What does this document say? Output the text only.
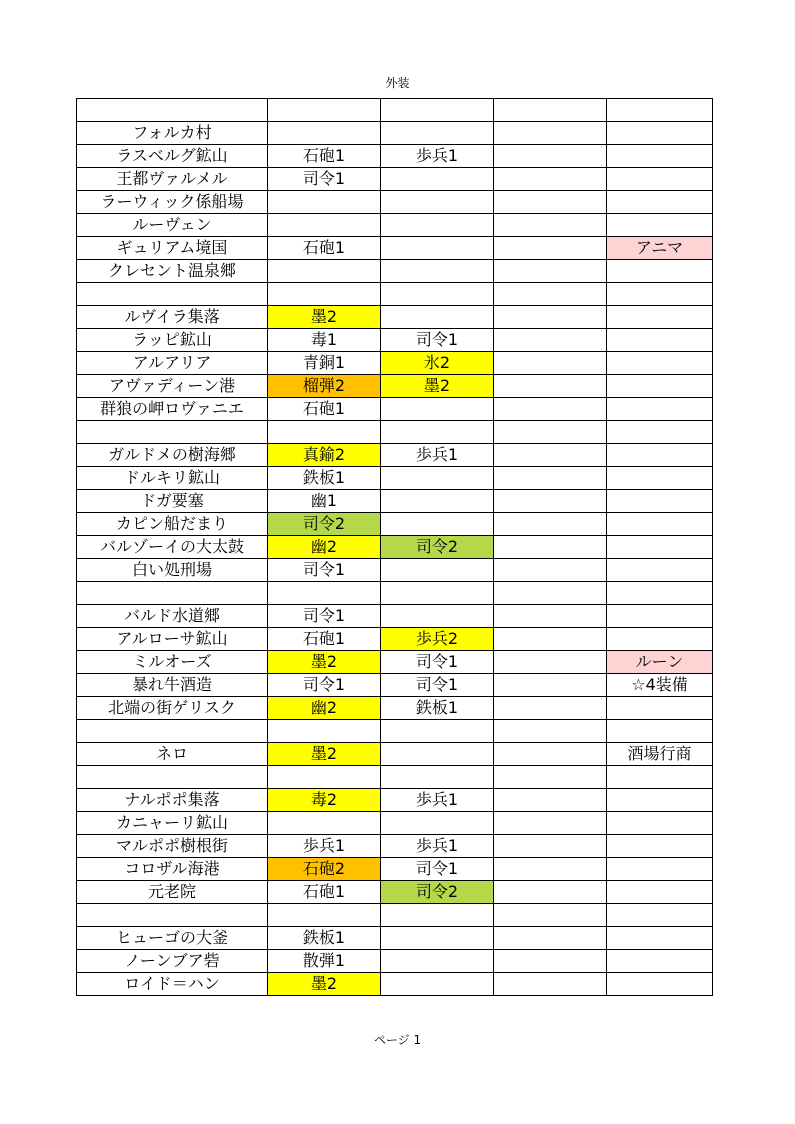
外装

フォルカ村				
ラスベルグ鉱山	石砲1	歩兵1		
王都ヴァルメル	司令1			
ラーウィック係船場				
ルーヴェン				
ギュリアム境国	石砲1			アニマ
クレセント温泉郷				

ルヴイラ集落	墨2			
ラッピ鉱山	毒1	司令1		
アルアリア	青銅1	氷2		
アヴァディーン港	榴弾2	墨2		
群狼の岬ロヴァニエ	石砲1			

ガルドメの樹海郷	真鍮2	歩兵1		
ドルキリ鉱山	鉄板1			
ドガ要塞	幽1			
カピン船だまり	司令2			
バルゾーイの大太鼓	幽2	司令2		
白い処刑場	司令1			

バルド水道郷	司令1			
アルローサ鉱山	石砲1	歩兵2		
ミルオーズ	墨2	司令1		ルーン
暴れ牛酒造	司令1	司令1		☆4装備
北端の街ゲリスク	幽2	鉄板1		

ネロ	墨2			酒場行商

ナルポポ集落	毒2	歩兵1		
カニャーリ鉱山				
マルポポ樹根街	歩兵1	歩兵1		
コロザル海港	石砲2	司令1		
元老院	石砲1	司令2		

ヒューゴの大釜	鉄板1			
ノーンブア砦	散弾1			
ロイド＝ハン	墨2			
ページ 1
